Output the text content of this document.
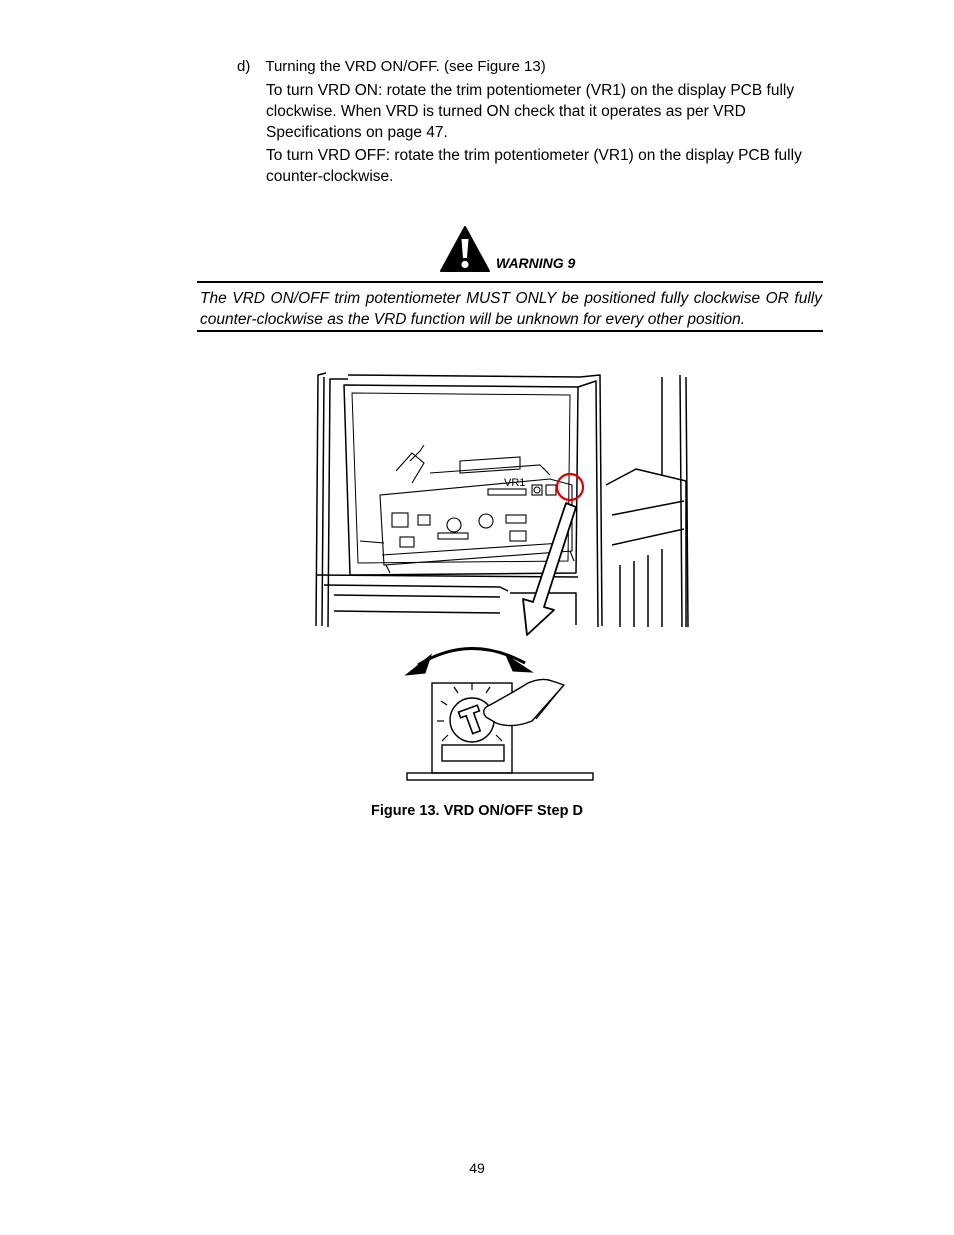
d) Turning the VRD ON/OFF. (see Figure 13)

To turn VRD ON: rotate the trim potentiometer (VR1) on the display PCB fully clockwise. When VRD is turned ON check that it operates as per VRD Specifications on page 47.

To turn VRD OFF: rotate the trim potentiometer (VR1) on the display PCB fully counter-clockwise.

WARNING 9

The VRD ON/OFF trim potentiometer MUST ONLY be positioned fully clockwise OR fully counter-clockwise as the VRD function will be unknown for every other position.

VR1
Figure 13. VRD ON/OFF Step D
49
